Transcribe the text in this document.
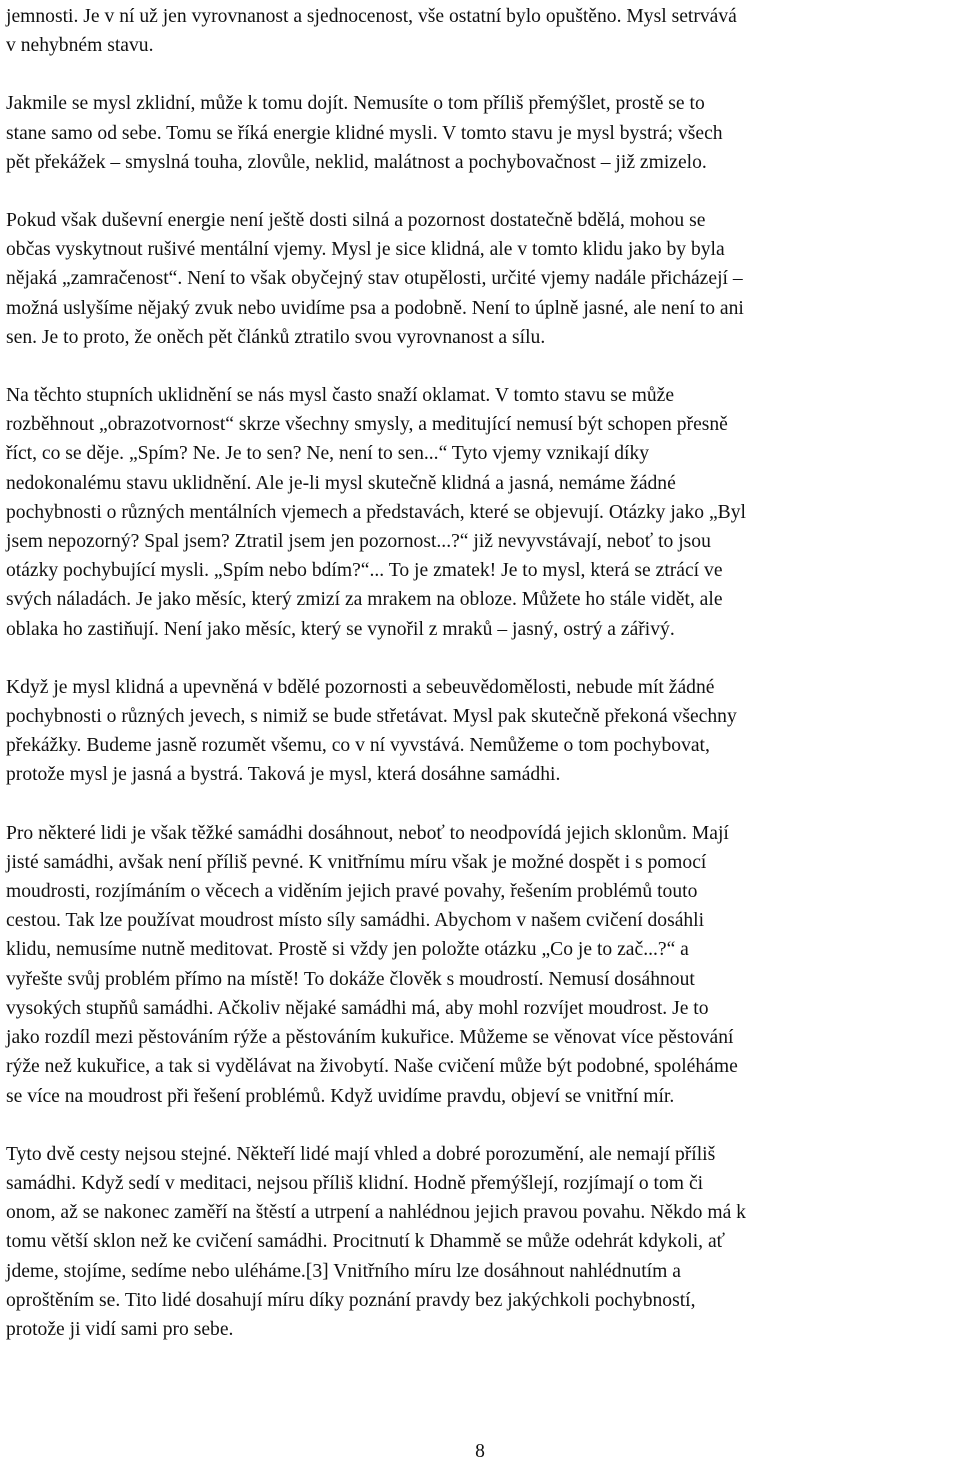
jemnosti. Je v ní už jen vyrovnanost a sjednocenost, vše ostatní bylo opuštěno. Mysl setrvává
v nehybném stavu.

Jakmile se mysl zklidní, může k tomu dojít. Nemusíte o tom příliš přemýšlet, prostě se to
stane samo od sebe. Tomu se říká energie klidné mysli. V tomto stavu je mysl bystrá; všech
pět překážek – smyslná touha, zlovůle, neklid, malátnost a pochybovačnost – již zmizelo.

Pokud však duševní energie není ještě dosti silná a pozornost dostatečně bdělá, mohou se
občas vyskytnout rušivé mentální vjemy. Mysl je sice klidná, ale v tomto klidu jako by byla
nějaká „zamračenost“. Není to však obyčejný stav otupělosti, určité vjemy nadále přicházejí –
možná uslyšíme nějaký zvuk nebo uvidíme psa a podobně. Není to úplně jasné, ale není to ani
sen. Je to proto, že oněch pět článků ztratilo svou vyrovnanost a sílu.

Na těchto stupních uklidnění se nás mysl často snaží oklamat. V tomto stavu se může
rozběhnout „obrazotvornost“ skrze všechny smysly, a meditující nemusí být schopen přesně
říct, co se děje. „Spím? Ne. Je to sen? Ne, není to sen...“ Tyto vjemy vznikají díky
nedokonalému stavu uklidnění. Ale je-li mysl skutečně klidná a jasná, nemáme žádné
pochybnosti o různých mentálních vjemech a představách, které se objevují. Otázky jako „Byl
jsem nepozorný? Spal jsem? Ztratil jsem jen pozornost...?“ již nevyvstávají, neboť to jsou
otázky pochybující mysli. „Spím nebo bdím?“... To je zmatek! Je to mysl, která se ztrácí ve
svých náladách. Je jako měsíc, který zmizí za mrakem na obloze. Můžete ho stále vidět, ale
oblaka ho zastiňují. Není jako měsíc, který se vynořil z mraků – jasný, ostrý a zářivý.

Když je mysl klidná a upevněná v bdělé pozornosti a sebeuvědomělosti, nebude mít žádné
pochybnosti o různých jevech, s nimiž se bude střetávat. Mysl pak skutečně překoná všechny
překážky. Budeme jasně rozumět všemu, co v ní vyvstává. Nemůžeme o tom pochybovat,
protože mysl je jasná a bystrá. Taková je mysl, která dosáhne samádhi.

Pro některé lidi je však těžké samádhi dosáhnout, neboť to neodpovídá jejich sklonům. Mají
jisté samádhi, avšak není příliš pevné. K vnitřnímu míru však je možné dospět i s pomocí
moudrosti, rozjímáním o věcech a viděním jejich pravé povahy, řešením problémů touto
cestou. Tak lze používat moudrost místo síly samádhi. Abychom v našem cvičení dosáhli
klidu, nemusíme nutně meditovat. Prostě si vždy jen položte otázku „Co je to zač...?“ a
vyřešte svůj problém přímo na místě! To dokáže člověk s moudrostí. Nemusí dosáhnout
vysokých stupňů samádhi. Ačkoliv nějaké samádhi má, aby mohl rozvíjet moudrost. Je to
jako rozdíl mezi pěstováním rýže a pěstováním kukuřice. Můžeme se věnovat více pěstování
rýže než kukuřice, a tak si vydělávat na živobytí. Naše cvičení může být podobné, spoléháme
se více na moudrost při řešení problémů. Když uvidíme pravdu, objeví se vnitřní mír.

Tyto dvě cesty nejsou stejné. Někteří lidé mají vhled a dobré porozumění, ale nemají příliš
samádhi. Když sedí v meditaci, nejsou příliš klidní. Hodně přemýšlejí, rozjímají o tom či
onom, až se nakonec zaměří na štěstí a utrpení a nahlédnou jejich pravou povahu. Někdo má k
tomu větší sklon než ke cvičení samádhi. Procitnutí k Dhammě se může odehrát kdykoli, ať
jdeme, stojíme, sedíme nebo uléháme.[3] Vnitřního míru lze dosáhnout nahlédnutím a
oproštěním se. Tito lidé dosahují míru díky poznání pravdy bez jakýchkoli pochybností,
protože ji vidí sami pro sebe.

8
